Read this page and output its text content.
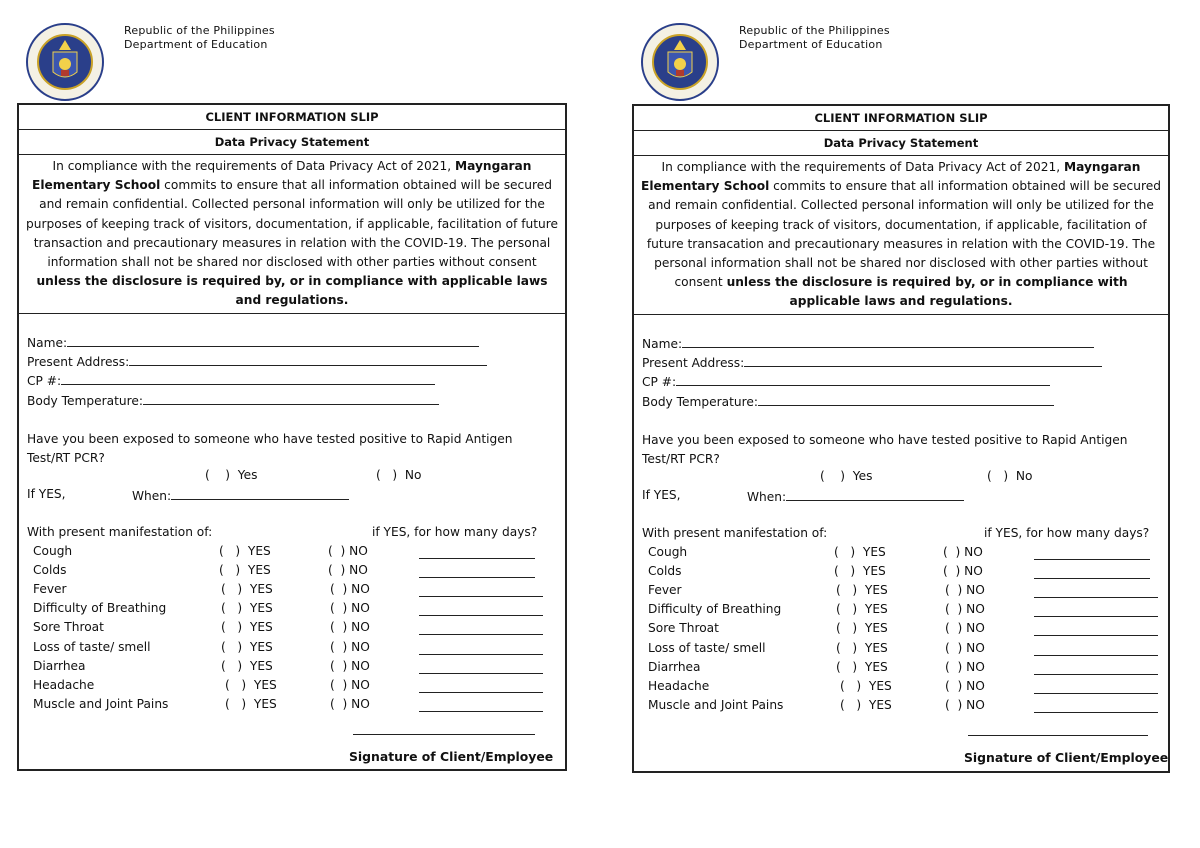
Republic of the Philippines
Department of Education
CLIENT INFORMATION SLIP
Data Privacy Statement
In compliance with the requirements of Data Privacy Act of 2021, Mayngaran Elementary School commits to ensure that all information obtained will be secured and remain confidential. Collected personal information will only be utilized for the purposes of keeping track of visitors, documentation, if applicable, facilitation of future transaction and precautionary measures in relation with the COVID-19. The personal information shall not be shared nor disclosed with other parties without consent unless the disclosure is required by, or in compliance with applicable laws and regulations.
Name:
Present Address:
CP #:
Body Temperature:
Have you been exposed to someone who have tested positive to Rapid Antigen Test/RT PCR?
(    )  Yes	(   )  No
If YES,	When:
With present manifestation of:	if YES, for how many days?
Cough	(   )  YES	(  ) NO
Colds	(   )  YES	(  ) NO
Fever	(   )  YES	(  ) NO
Difficulty of Breathing	(   )  YES	(  ) NO
Sore Throat	(   )  YES	(  ) NO
Loss of taste/ smell	(   )  YES	(  ) NO
Diarrhea	(   )  YES	(  ) NO
Headache	(   )  YES	(  ) NO
Muscle and Joint Pains	(   )  YES	(  ) NO
Signature of Client/Employee
Republic of the Philippines
Department of Education
CLIENT INFORMATION SLIP
Data Privacy Statement
In compliance with the requirements of Data Privacy Act of 2021, Mayngaran Elementary School commits to ensure that all information obtained will be secured and remain confidential. Collected personal information will only be utilized for the purposes of keeping track of visitors, documentation, if applicable, facilitation of future transacation and precautionary measures in relation with the COVID-19. The personal information shall not be shared nor disclosed with other parties without consent unless the disclosure is required by, or in compliance with applicable laws and regulations.
Name:
Present Address:
CP #:
Body Temperature:
Have you been exposed to someone who have tested positive to Rapid Antigen Test/RT PCR?
(    )  Yes	(   )  No
If YES,	When:
With present manifestation of:	if YES, for how many days?
Cough	(   )  YES	(  ) NO
Colds	(   )  YES	(  ) NO
Fever	(   )  YES	(  ) NO
Difficulty of Breathing	(   )  YES	(  ) NO
Sore Throat	(   )  YES	(  ) NO
Loss of taste/ smell	(   )  YES	(  ) NO
Diarrhea	(   )  YES	(  ) NO
Headache	(   )  YES	(  ) NO
Muscle and Joint Pains	(   )  YES	(  ) NO
Signature of Client/Employee
